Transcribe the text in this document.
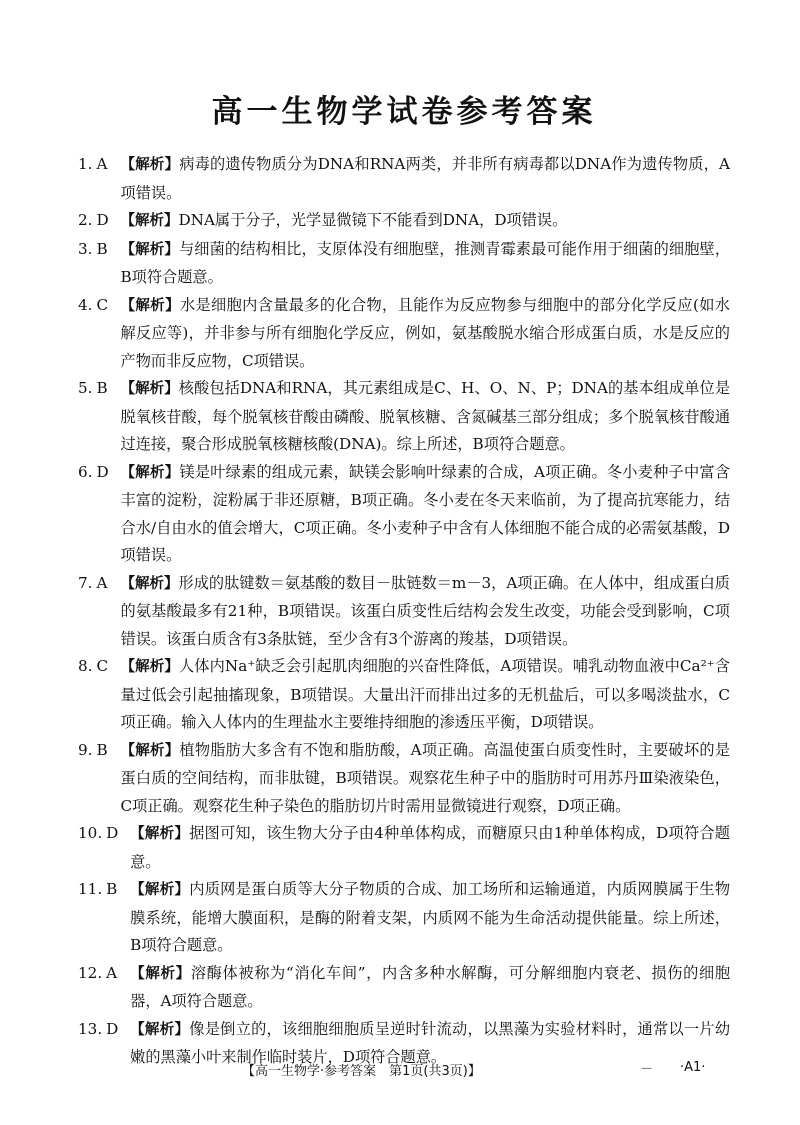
高一生物学试卷参考答案
1. A 【解析】病毒的遗传物质分为DNA和RNA两类，并非所有病毒都以DNA作为遗传物质，A项错误。
2. D 【解析】DNA属于分子，光学显微镜下不能看到DNA，D项错误。
3. B 【解析】与细菌的结构相比，支原体没有细胞壁，推测青霉素最可能作用于细菌的细胞壁，B项符合题意。
4. C 【解析】水是细胞内含量最多的化合物，且能作为反应物参与细胞中的部分化学反应(如水解反应等)，并非参与所有细胞化学反应，例如，氨基酸脱水缩合形成蛋白质，水是反应的产物而非反应物，C项错误。
5. B 【解析】核酸包括DNA和RNA，其元素组成是C、H、O、N、P；DNA的基本组成单位是脱氧核苷酸，每个脱氧核苷酸由磷酸、脱氧核糖、含氮碱基三部分组成；多个脱氧核苷酸通过连接，聚合形成脱氧核糖核酸(DNA)。综上所述，B项符合题意。
6. D 【解析】镁是叶绿素的组成元素，缺镁会影响叶绿素的合成，A项正确。冬小麦种子中富含丰富的淀粉，淀粉属于非还原糖，B项正确。冬小麦在冬天来临前，为了提高抗寒能力，结合水/自由水的值会增大，C项正确。冬小麦种子中含有人体细胞不能合成的必需氨基酸，D项错误。
7. A 【解析】形成的肽键数＝氨基酸的数目－肽链数＝m－3，A项正确。在人体中，组成蛋白质的氨基酸最多有21种，B项错误。该蛋白质变性后结构会发生改变，功能会受到影响，C项错误。该蛋白质含有3条肽链，至少含有3个游离的羧基，D项错误。
8. C 【解析】人体内Na⁺缺乏会引起肌肉细胞的兴奋性降低，A项错误。哺乳动物血液中Ca²⁺含量过低会引起抽搐现象，B项错误。大量出汗而排出过多的无机盐后，可以多喝淡盐水，C项正确。输入人体内的生理盐水主要维持细胞的渗透压平衡，D项错误。
9. B 【解析】植物脂肪大多含有不饱和脂肪酸，A项正确。高温使蛋白质变性时，主要破坏的是蛋白质的空间结构，而非肽键，B项错误。观察花生种子中的脂肪时可用苏丹Ⅲ染液染色，C项正确。观察花生种子染色的脂肪切片时需用显微镜进行观察，D项正确。
10. D 【解析】据图可知，该生物大分子由4种单体构成，而糖原只由1种单体构成，D项符合题意。
11. B 【解析】内质网是蛋白质等大分子物质的合成、加工场所和运输通道，内质网膜属于生物膜系统，能增大膜面积，是酶的附着支架，内质网不能为生命活动提供能量。综上所述，B项符合题意。
12. A 【解析】溶酶体被称为“消化车间”，内含多种水解酶，可分解细胞内衰老、损伤的细胞器，A项符合题意。
13. D 【解析】像是倒立的，该细胞细胞质呈逆时针流动，以黑藻为实验材料时，通常以一片幼嫩的黑藻小叶来制作临时装片，D项符合题意。
【高一生物学·参考答案　第1页(共3页)】	－ ·A1·
